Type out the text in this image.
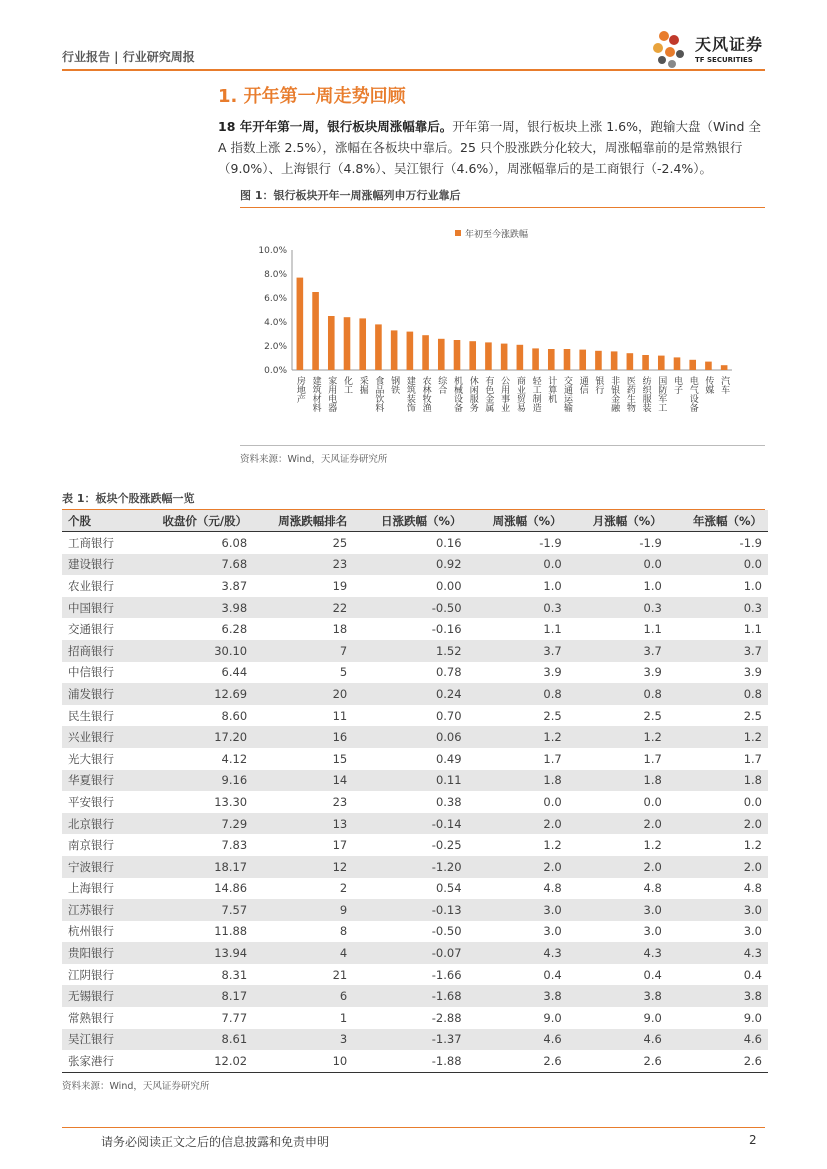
行业报告 | 行业研究周报
天风证券
TF SECURITIES
1. 开年第一周走势回顾
18 年开年第一周，银行板块周涨幅靠后。开年第一周，银行板块上涨 1.6%，跑输大盘（Wind 全 A 指数上涨 2.5%），涨幅在各板块中靠后。25 只个股涨跌分化较大，周涨幅靠前的是常熟银行（9.0%）、上海银行（4.8%）、吴江银行（4.6%），周涨幅靠后的是工商银行（-2.4%）。
图 1：银行板块开年一周涨幅列申万行业靠后
年初至今涨跌幅
0.0%
2.0%
4.0%
6.0%
8.0%
10.0%
房地产 建筑材料 家用电器 化工 采掘 食品饮料 钢铁 建筑装饰 农林牧渔 综合 机械设备 休闲服务 有色金属 公用事业 商业贸易 轻工制造 计算机 交通运输 通信 银行 非银金融 医药生物 纺织服装 国防军工 电子 电气设备 传媒 汽车
资料来源：Wind，天风证券研究所
表 1：板块个股涨跌幅一览
个股	收盘价（元/股）	周涨跌幅排名	日涨跌幅（%）	周涨幅（%）	月涨幅（%）	年涨幅（%）
工商银行	6.08	25	0.16	-1.9	-1.9	-1.9
建设银行	7.68	23	0.92	0.0	0.0	0.0
农业银行	3.87	19	0.00	1.0	1.0	1.0
中国银行	3.98	22	-0.50	0.3	0.3	0.3
交通银行	6.28	18	-0.16	1.1	1.1	1.1
招商银行	30.10	7	1.52	3.7	3.7	3.7
中信银行	6.44	5	0.78	3.9	3.9	3.9
浦发银行	12.69	20	0.24	0.8	0.8	0.8
民生银行	8.60	11	0.70	2.5	2.5	2.5
兴业银行	17.20	16	0.06	1.2	1.2	1.2
光大银行	4.12	15	0.49	1.7	1.7	1.7
华夏银行	9.16	14	0.11	1.8	1.8	1.8
平安银行	13.30	23	0.38	0.0	0.0	0.0
北京银行	7.29	13	-0.14	2.0	2.0	2.0
南京银行	7.83	17	-0.25	1.2	1.2	1.2
宁波银行	18.17	12	-1.20	2.0	2.0	2.0
上海银行	14.86	2	0.54	4.8	4.8	4.8
江苏银行	7.57	9	-0.13	3.0	3.0	3.0
杭州银行	11.88	8	-0.50	3.0	3.0	3.0
贵阳银行	13.94	4	-0.07	4.3	4.3	4.3
江阴银行	8.31	21	-1.66	0.4	0.4	0.4
无锡银行	8.17	6	-1.68	3.8	3.8	3.8
常熟银行	7.77	1	-2.88	9.0	9.0	9.0
吴江银行	8.61	3	-1.37	4.6	4.6	4.6
张家港行	12.02	10	-1.88	2.6	2.6	2.6
资料来源：Wind，天风证券研究所
请务必阅读正文之后的信息披露和免责申明	2
